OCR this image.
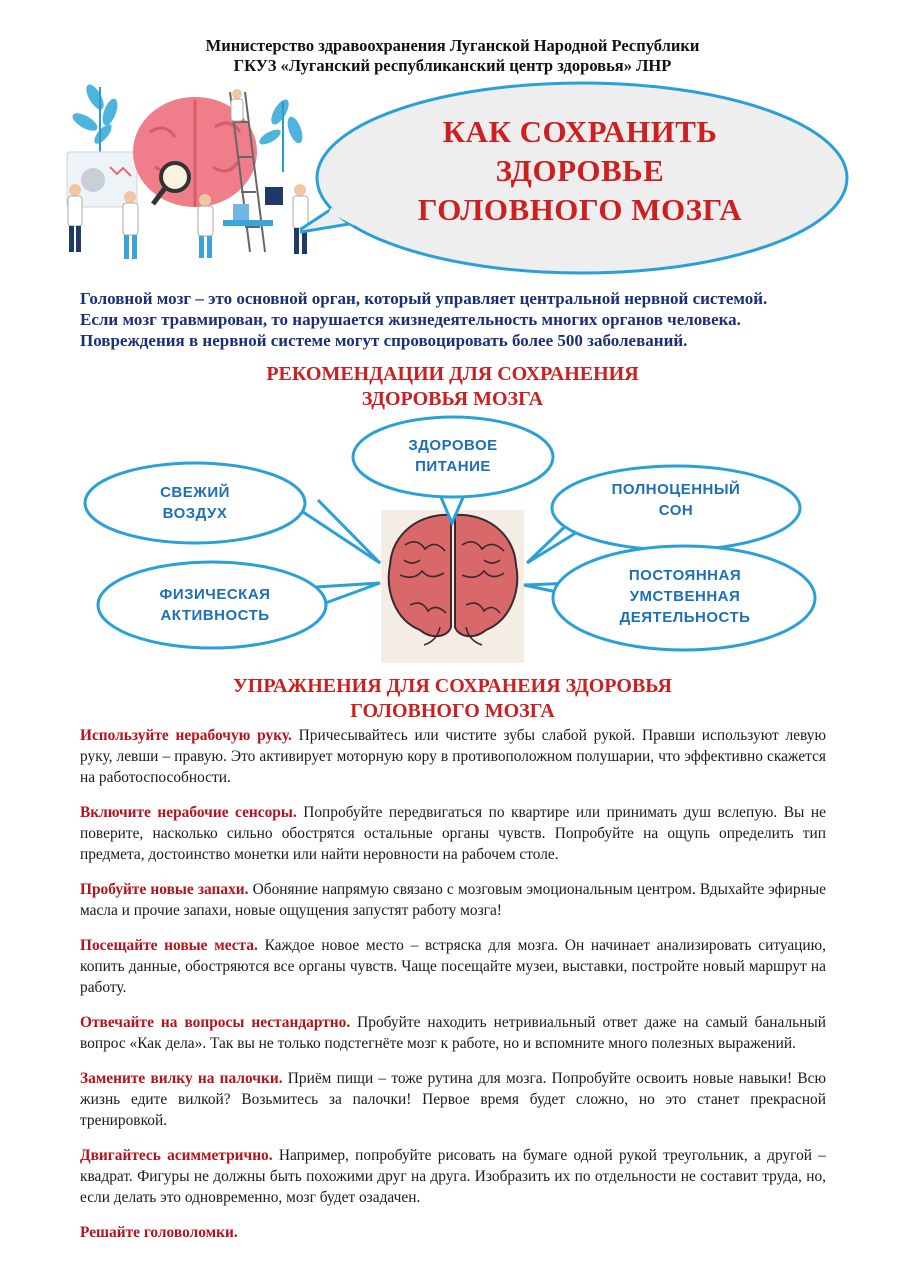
Министерство здравоохранения Луганской Народной Республики
ГКУЗ «Луганский республиканский центр здоровья» ЛНР
КАК СОХРАНИТЬ
ЗДОРОВЬЕ
ГОЛОВНОГО МОЗГА

Головной мозг – это основной орган, который управляет центральной нервной системой.

Если мозг травмирован, то нарушается жизнедеятельность многих органов человека.

Повреждения в нервной системе могут спровоцировать более 500 заболеваний.

РЕКОМЕНДАЦИИ ДЛЯ СОХРАНЕНИЯ
ЗДОРОВЬЯ МОЗГА
ЗДОРОВОЕ
ПИТАНИЕ
СВЕЖИЙ
ВОЗДУХ
ПОЛНОЦЕННЫЙ
СОН
ФИЗИЧЕСКАЯ
АКТИВНОСТЬ
ПОСТОЯННАЯ
УМСТВЕННАЯ
ДЕЯТЕЛЬНОСТЬ
УПРАЖНЕНИЯ ДЛЯ СОХРАНЕИЯ ЗДОРОВЬЯ
ГОЛОВНОГО МОЗГА

Используйте нерабочую руку. Причесывайтесь или чистите зубы слабой рукой. Правши используют левую руку, левши – правую. Это активирует моторную кору в противоположном полушарии, что эффективно скажется на работоспособности.

Включите нерабочие сенсоры. Попробуйте передвигаться по квартире или принимать душ вслепую. Вы не поверите, насколько сильно обострятся остальные органы чувств. Попробуйте на ощупь определить тип предмета, достоинство монетки или найти неровности на рабочем столе.

Пробуйте новые запахи. Обоняние напрямую связано с мозговым эмоциональным центром. Вдыхайте эфирные масла и прочие запахи, новые ощущения запустят работу мозга!

Посещайте новые места. Каждое новое место – встряска для мозга. Он начинает анализировать ситуацию, копить данные, обостряются все органы чувств. Чаще посещайте музеи, выставки, постройте новый маршрут на работу.

Отвечайте на вопросы нестандартно. Пробуйте находить нетривиальный ответ даже на самый банальный вопрос «Как дела». Так вы не только подстегнёте мозг к работе, но и вспомните много полезных выражений.

Замените вилку на палочки. Приём пищи – тоже рутина для мозга. Попробуйте освоить новые навыки! Всю жизнь едите вилкой? Возьмитесь за палочки! Первое время будет сложно, но это станет прекрасной тренировкой.

Двигайтесь асимметрично. Например, попробуйте рисовать на бумаге одной рукой треугольник, а другой – квадрат. Фигуры не должны быть похожими друг на друга. Изобразить их по отдельности не составит труда, но, если делать это одновременно, мозг будет озадачен.

Решайте головоломки.
